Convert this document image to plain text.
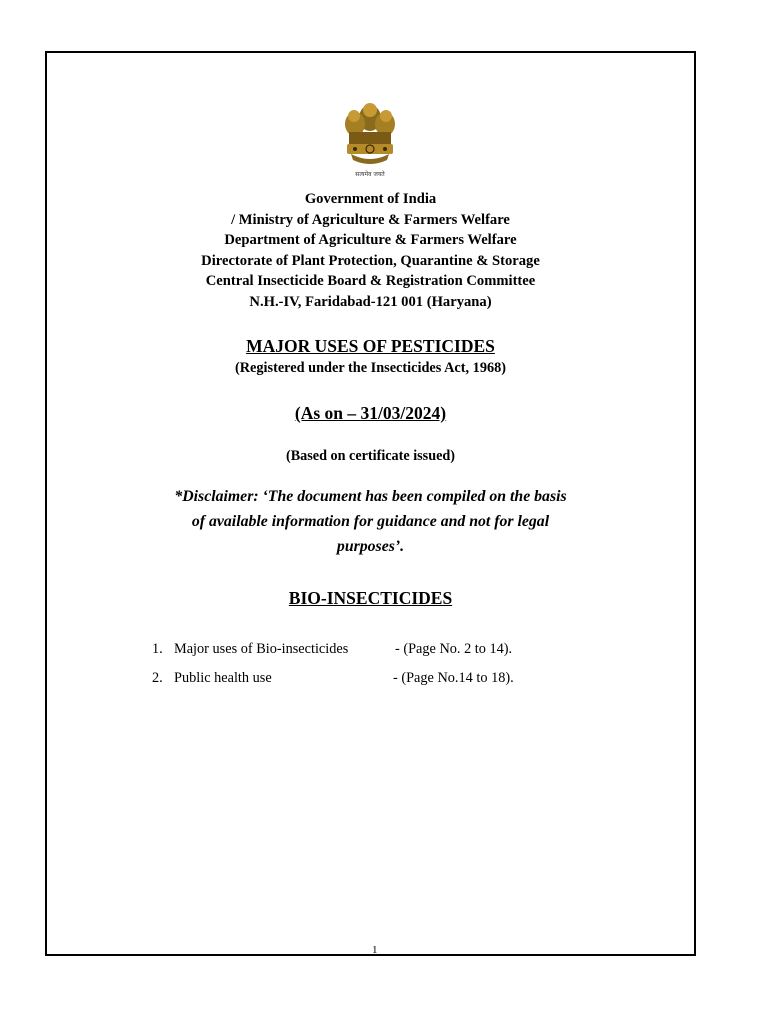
सत्यमेव जयते
Government of India
/ Ministry of Agriculture & Farmers Welfare
Department of Agriculture & Farmers Welfare
Directorate of Plant Protection, Quarantine & Storage
Central Insecticide Board & Registration Committee
N.H.-IV, Faridabad-121 001 (Haryana)
MAJOR USES OF PESTICIDES
(Registered under the Insecticides Act, 1968)
(As on – 31/03/2024)
(Based on certificate issued)
*Disclaimer: ‘The document has been compiled on the basis
of available information for guidance and not for legal
purposes’.
BIO-INSECTICIDES
1. Major uses of Bio-insecticides	- (Page No. 2 to 14).
2. Public health use	- (Page No.14 to 18).
1
